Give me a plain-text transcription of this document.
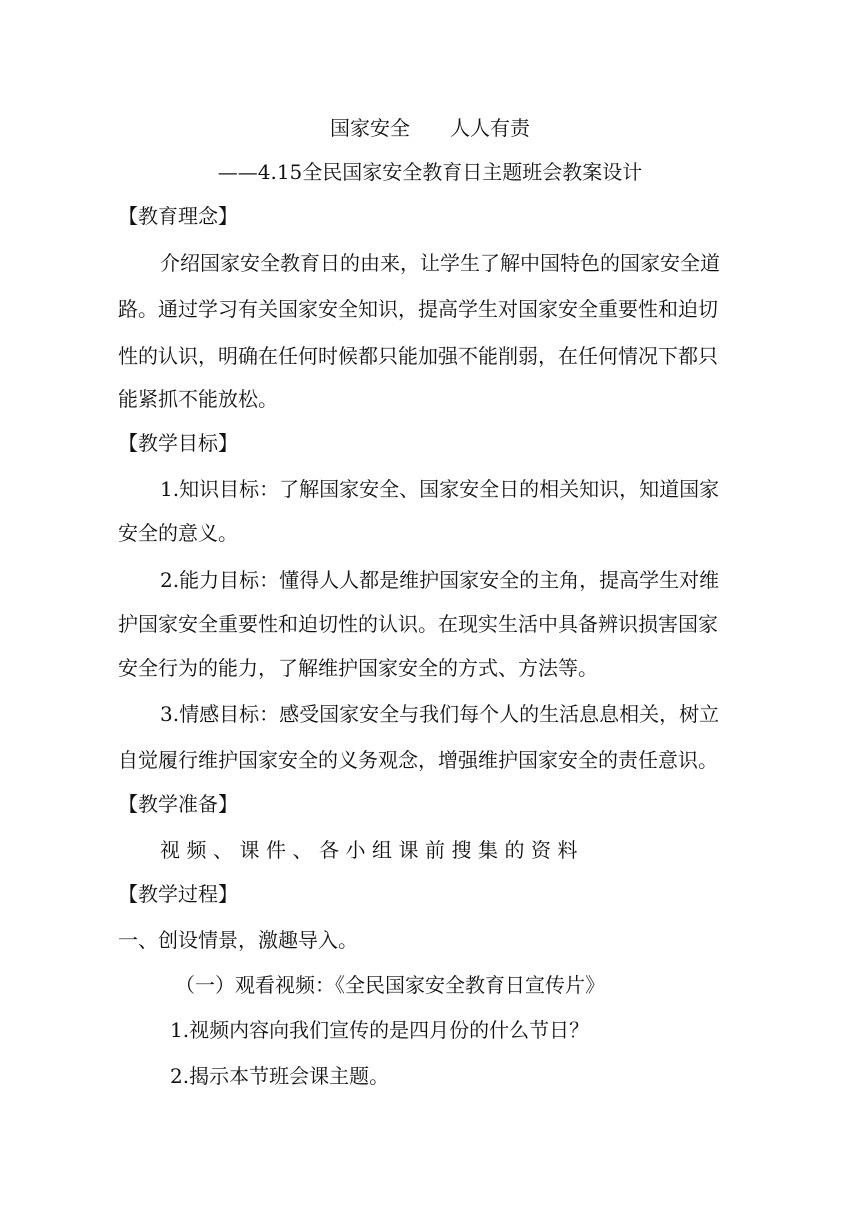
国家安全　　人人有责
——4.15全民国家安全教育日主题班会教案设计
【教育理念】
介绍国家安全教育日的由来，让学生了解中国特色的国家安全道
路。通过学习有关国家安全知识，提高学生对国家安全重要性和迫切
性的认识，明确在任何时候都只能加强不能削弱，在任何情况下都只
能紧抓不能放松。
【教学目标】
1.知识目标：了解国家安全、国家安全日的相关知识，知道国家
安全的意义。
2.能力目标：懂得人人都是维护国家安全的主角，提高学生对维
护国家安全重要性和迫切性的认识。在现实生活中具备辨识损害国家
安全行为的能力，了解维护国家安全的方式、方法等。
3.情感目标：感受国家安全与我们每个人的生活息息相关，树立
自觉履行维护国家安全的义务观念，增强维护国家安全的责任意识。
【教学准备】
视频、课件、各小组课前搜集的资料
【教学过程】
一、创设情景，激趣导入。
（一）观看视频：《全民国家安全教育日宣传片》
1.视频内容向我们宣传的是四月份的什么节日？
2.揭示本节班会课主题。
